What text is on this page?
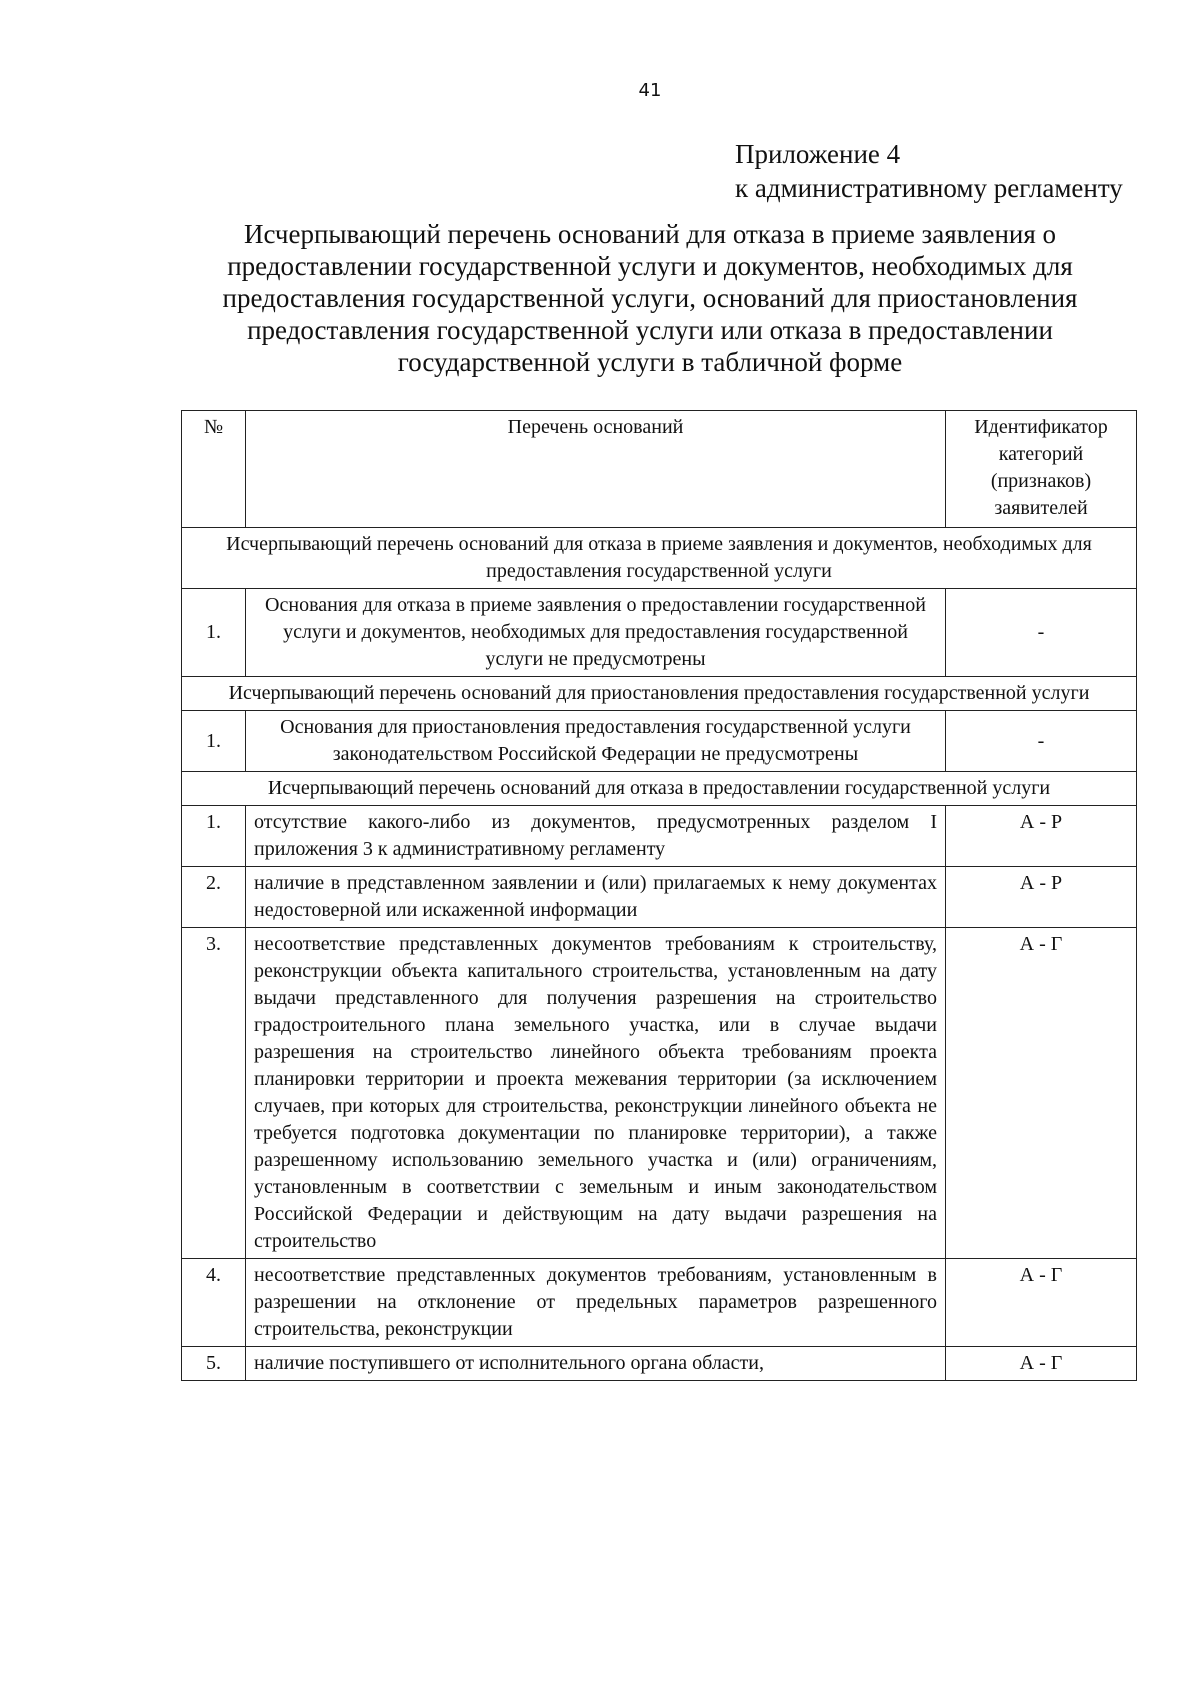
41
Приложение 4
к административному регламенту
Исчерпывающий перечень оснований для отказа в приеме заявления о предоставлении государственной услуги и документов, необходимых для предоставления государственной услуги, оснований для приостановления предоставления государственной услуги или отказа в предоставлении государственной услуги в табличной форме
№	Перечень оснований	Идентификатор категорий (признаков) заявителей
Исчерпывающий перечень оснований для отказа в приеме заявления и документов, необходимых для предоставления государственной услуги		
1.	Основания для отказа в приеме заявления о предоставлении государственной услуги и документов, необходимых для предоставления государственной услуги не предусмотрены	-
Исчерпывающий перечень оснований для приостановления предоставления государственной услуги		
1.	Основания для приостановления предоставления государственной услуги законодательством Российской Федерации не предусмотрены	-
Исчерпывающий перечень оснований для отказа в предоставлении государственной услуги		
1.	отсутствие какого-либо из документов, предусмотренных разделом I приложения 3 к административному регламенту	А - Р
2.	наличие в представленном заявлении и (или) прилагаемых к нему документах недостоверной или искаженной информации	А - Р
3.	несоответствие представленных документов требованиям к строительству, реконструкции объекта капитального строительства, установленным на дату выдачи представленного для получения разрешения на строительство градостроительного плана земельного участка, или в случае выдачи разрешения на строительство линейного объекта требованиям проекта планировки территории и проекта межевания территории (за исключением случаев, при которых для строительства, реконструкции линейного объекта не требуется подготовка документации по планировке территории), а также разрешенному использованию земельного участка и (или) ограничениям, установленным в соответствии с земельным и иным законодательством Российской Федерации и действующим на дату выдачи разрешения на строительство	А - Г
4.	несоответствие представленных документов требованиям, установленным в разрешении на отклонение от предельных параметров разрешенного строительства, реконструкции	А - Г
5.	наличие поступившего от исполнительного органа области,	А - Г
